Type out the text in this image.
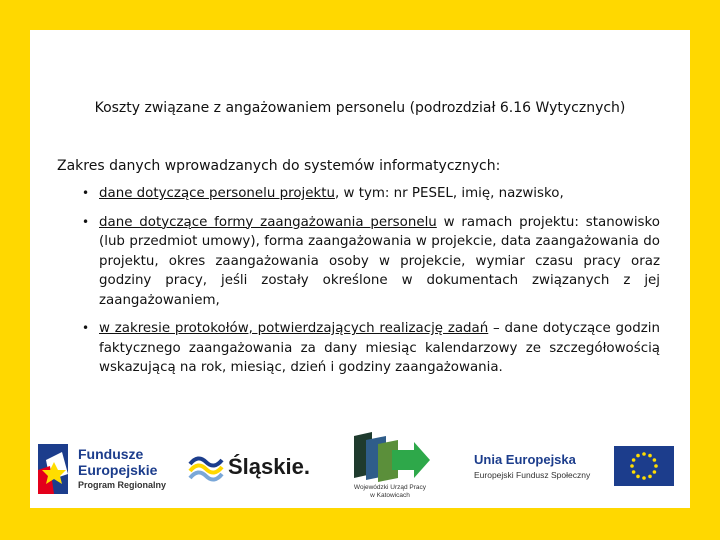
Koszty związane z angażowaniem personelu (podrozdział 6.16 Wytycznych)
Zakres danych wprowadzanych do systemów informatycznych:
• dane dotyczące personelu projektu, w tym: nr PESEL, imię, nazwisko,
• dane dotyczące formy zaangażowania personelu w ramach projektu: stanowisko (lub przedmiot umowy), forma zaangażowania w projekcie, data zaangażowania do projektu, okres zaangażowania osoby w projekcie, wymiar czasu pracy oraz godziny pracy, jeśli zostały określone w dokumentach związanych z jej zaangażowaniem,
• w zakresie protokołów, potwierdzających realizację zadań – dane dotyczące godzin faktycznego zaangażowania za dany miesiąc kalendarzowy ze szczegółowością wskazującą na rok, miesiąc, dzień i godziny zaangażowania.
Fundusze
Europejskie
Program Regionalny
Śląskie.
Wojewódzki Urząd Pracy
w Katowicach
Unia Europejska
Europejski Fundusz Społeczny
